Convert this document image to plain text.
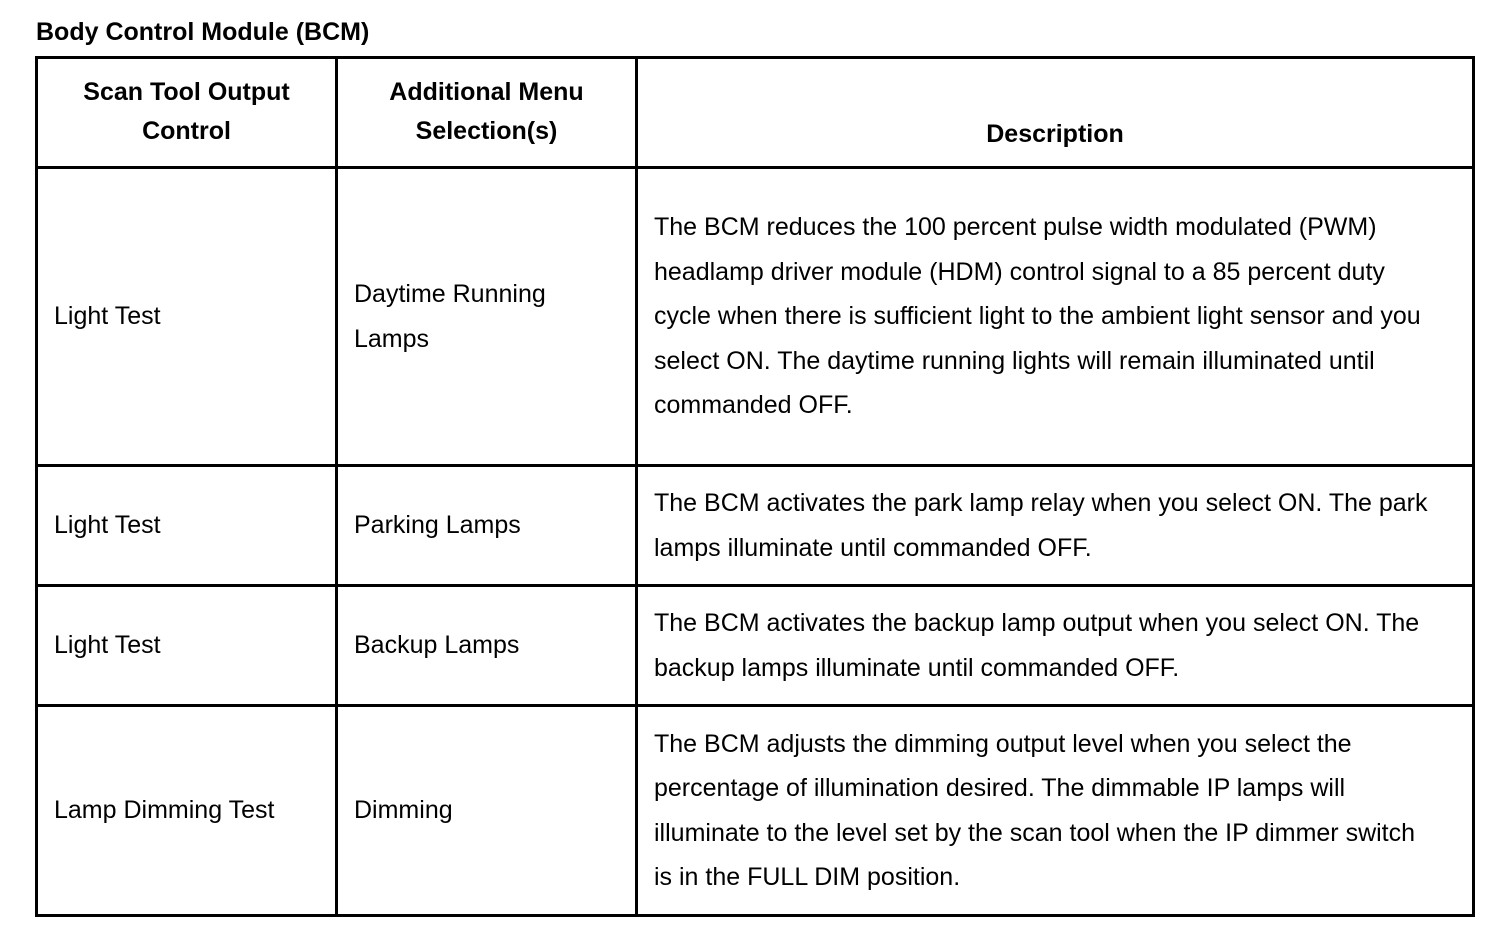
Body Control Module (BCM)
Scan Tool Output Control	Additional Menu Selection(s)	Description
Light Test	Daytime Running Lamps	The BCM reduces the 100 percent pulse width modulated (PWM) headlamp driver module (HDM) control signal to a 85 percent duty cycle when there is sufficient light to the ambient light sensor and you select ON. The daytime running lights will remain illuminated until commanded OFF.
Light Test	Parking Lamps	The BCM activates the park lamp relay when you select ON. The park lamps illuminate until commanded OFF.
Light Test	Backup Lamps	The BCM activates the backup lamp output when you select ON. The backup lamps illuminate until commanded OFF.
Lamp Dimming Test	Dimming	The BCM adjusts the dimming output level when you select the percentage of illumination desired. The dimmable IP lamps will illuminate to the level set by the scan tool when the IP dimmer switch is in the FULL DIM position.
